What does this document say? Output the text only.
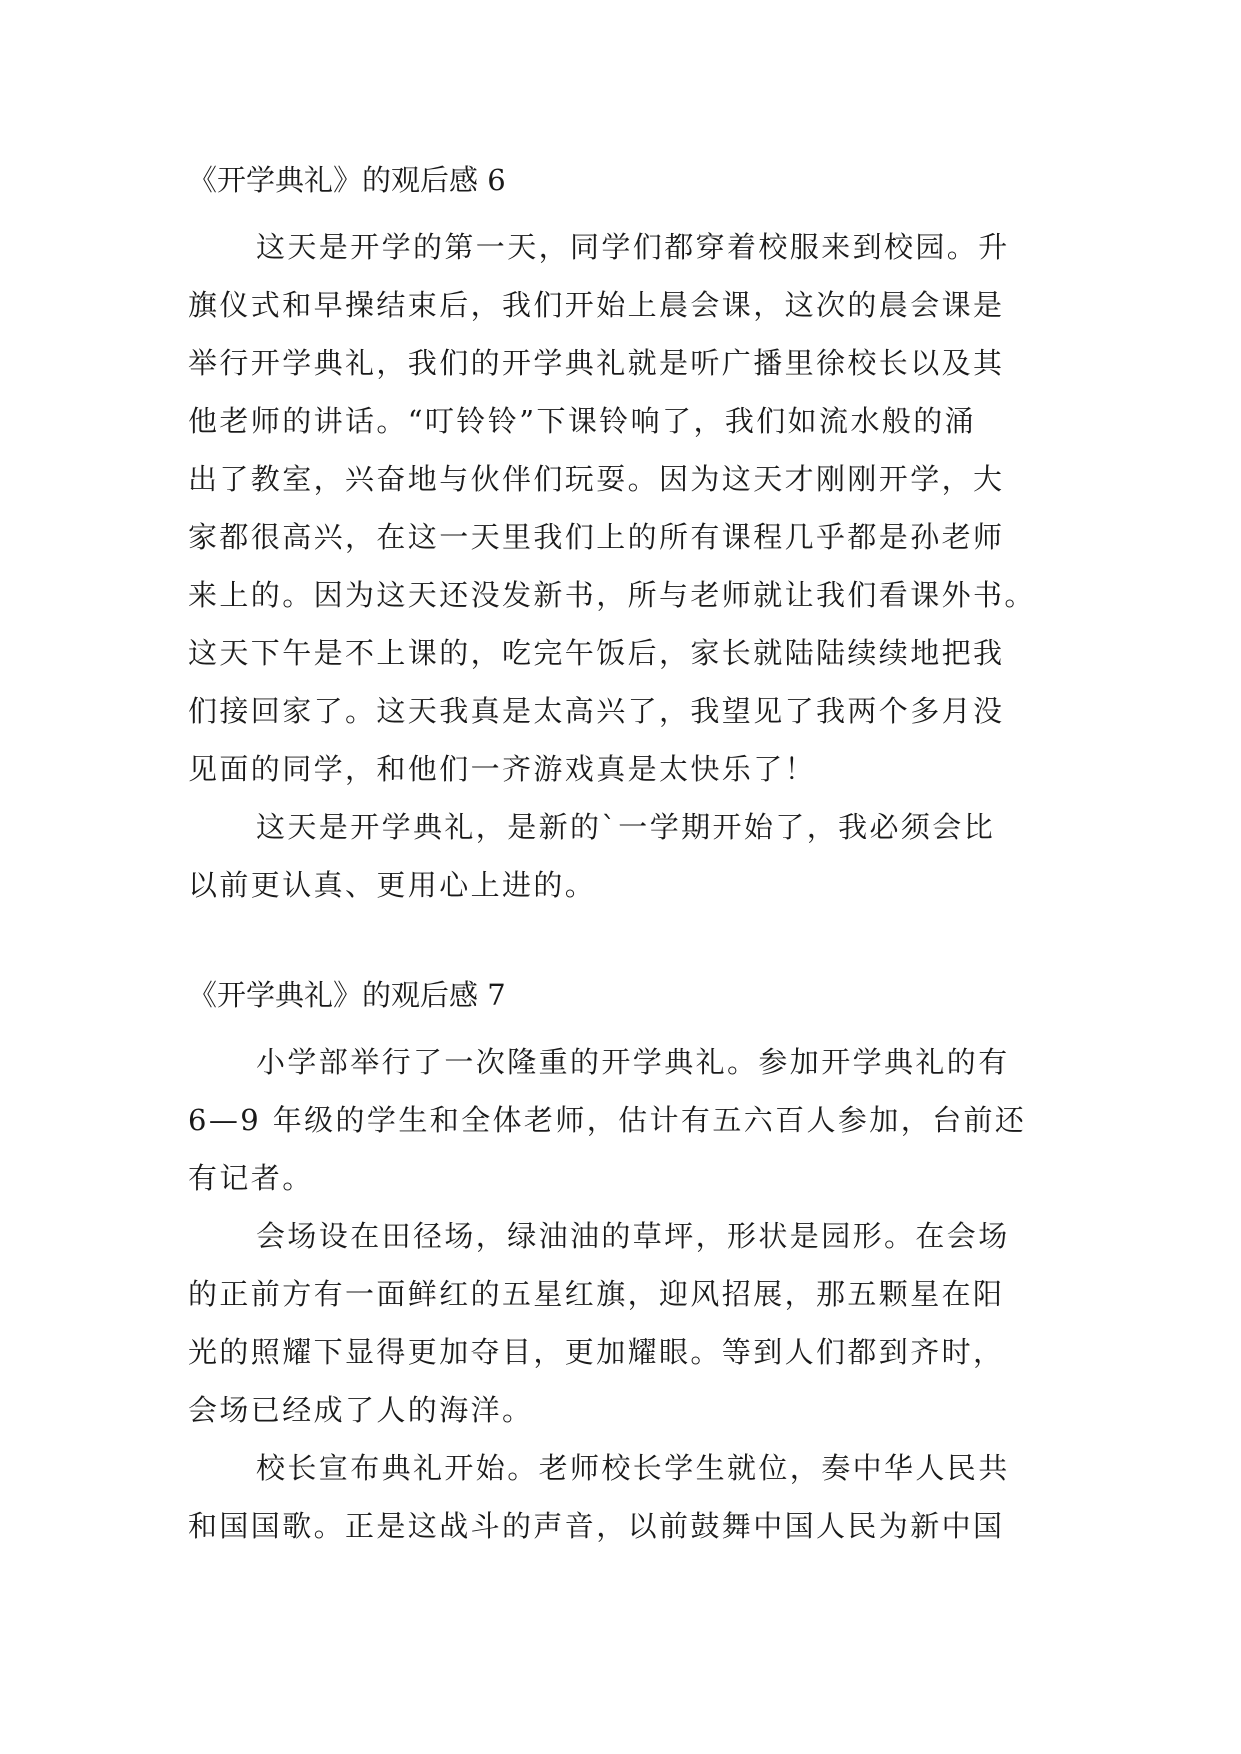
《开学典礼》的观后感 6
这天是开学的第一天，同学们都穿着校服来到校园。升
旗仪式和早操结束后，我们开始上晨会课，这次的晨会课是
举行开学典礼，我们的开学典礼就是听广播里徐校长以及其
他老师的讲话。“叮铃铃”下课铃响了，我们如流水般的涌
出了教室，兴奋地与伙伴们玩耍。因为这天才刚刚开学，大
家都很高兴，在这一天里我们上的所有课程几乎都是孙老师
来上的。因为这天还没发新书，所与老师就让我们看课外书。
这天下午是不上课的，吃完午饭后，家长就陆陆续续地把我
们接回家了。这天我真是太高兴了，我望见了我两个多月没
见面的同学，和他们一齐游戏真是太快乐了！
这天是开学典礼，是新的`一学期开始了，我必须会比
以前更认真、更用心上进的。
《开学典礼》的观后感 7
小学部举行了一次隆重的开学典礼。参加开学典礼的有
6—9 年级的学生和全体老师，估计有五六百人参加，台前还
有记者。
会场设在田径场，绿油油的草坪，形状是园形。在会场
的正前方有一面鲜红的五星红旗，迎风招展，那五颗星在阳
光的照耀下显得更加夺目，更加耀眼。等到人们都到齐时，
会场已经成了人的海洋。
校长宣布典礼开始。老师校长学生就位，奏中华人民共
和国国歌。正是这战斗的声音，以前鼓舞中国人民为新中国
